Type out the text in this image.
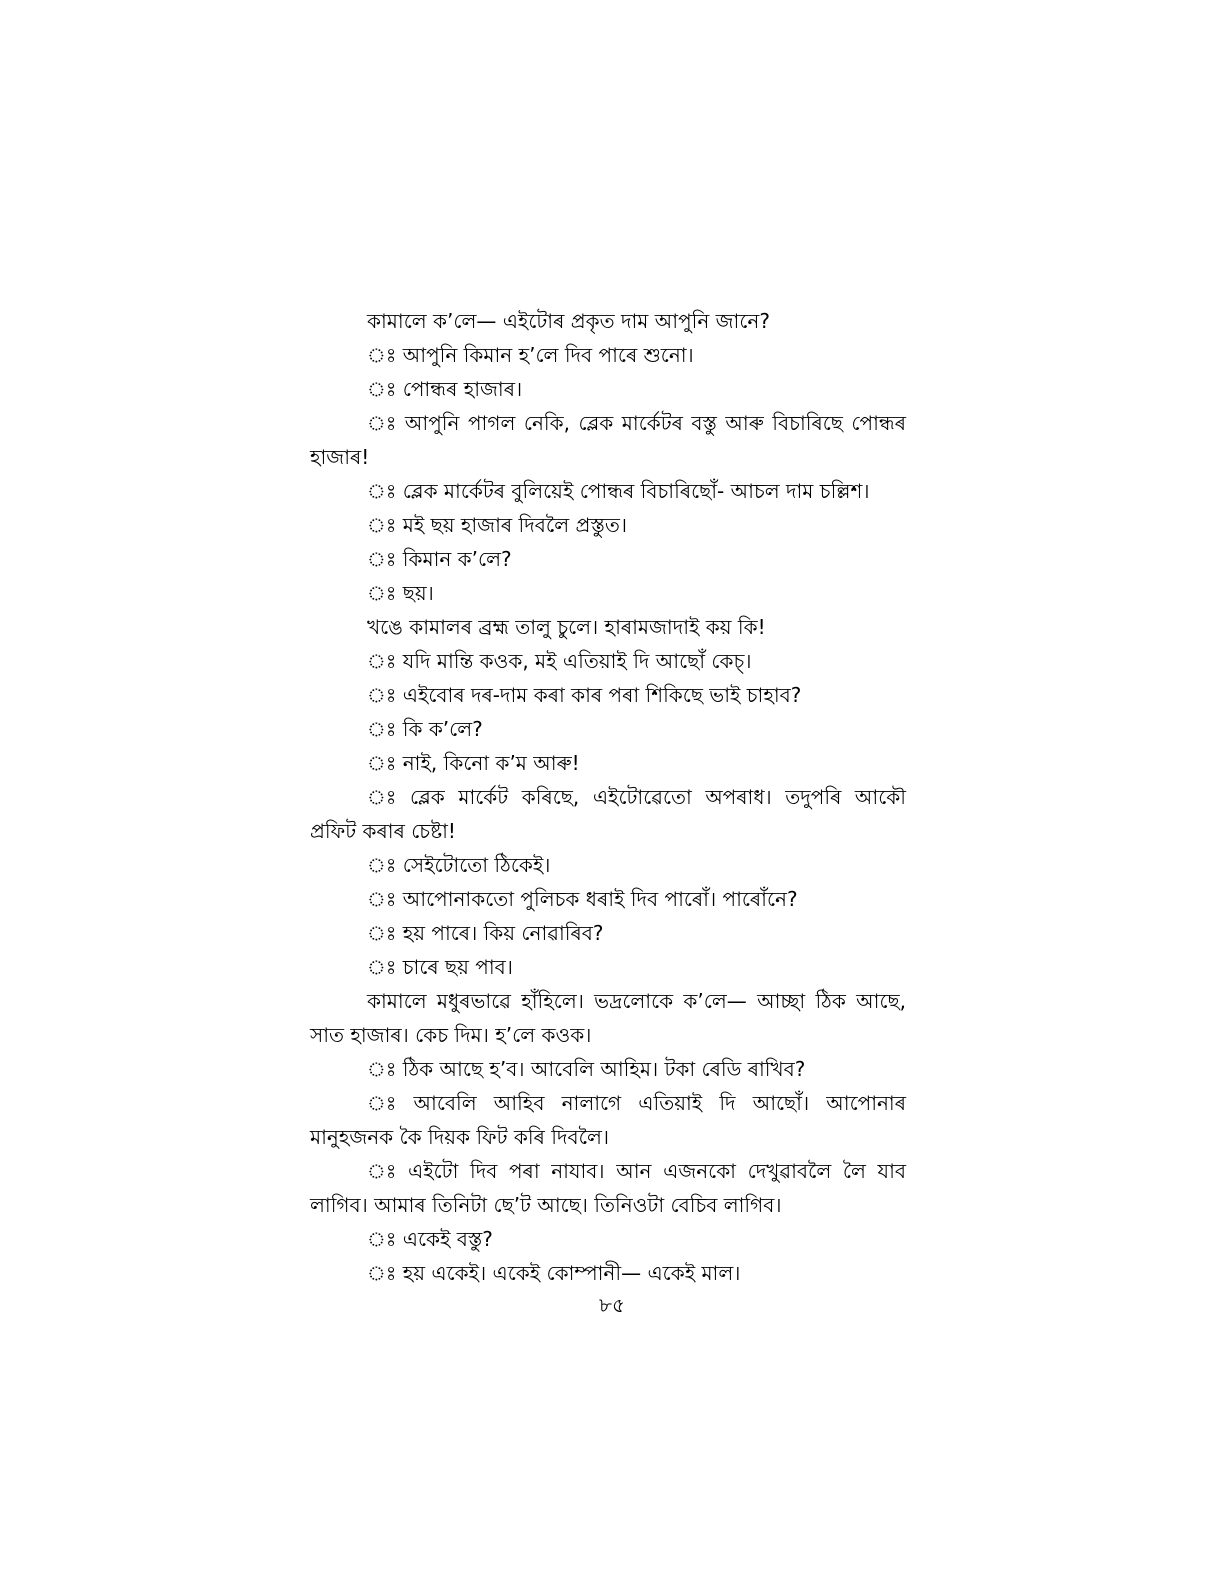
কামালে ক’লে— এইটোৰ প্ৰকৃত দাম আপুনি জানে?

ঃ আপুনি কিমান হ’লে দিব পাৰে শুনো।

ঃ পোন্ধৰ হাজাৰ।

ঃ আপুনি পাগল নেকি, ব্লেক মাৰ্কেটৰ বস্তু আৰু বিচাৰিছে পোন্ধৰ হাজাৰ!

ঃ ব্লেক মাৰ্কেটৰ বুলিয়েই পোন্ধৰ বিচাৰিছোঁ- আচল দাম চল্লিশ।

ঃ মই ছয় হাজাৰ দিবলৈ প্ৰস্তুত।

ঃ কিমান ক’লে?

ঃ ছয়।

খঙে কামালৰ ব্ৰহ্ম তালু চুলে। হাৰামজাদাই কয় কি!

ঃ যদি মান্তি কওক, মই এতিয়াই দি আছোঁ কেচ্।

ঃ এইবোৰ দৰ-দাম কৰা কাৰ পৰা শিকিছে ভাই চাহাব?

ঃ কি ক’লে?

ঃ নাই, কিনো ক’ম আৰু!

ঃ ব্লেক মাৰ্কেট কৰিছে, এইটোৱেতো অপৰাধ। তদুপৰি আকৌ প্ৰফিট কৰাৰ চেষ্টা!

ঃ সেইটোতো ঠিকেই।

ঃ আপোনাকতো পুলিচক ধৰাই দিব পাৰোঁ। পাৰোঁনে?

ঃ হয় পাৰে। কিয় নোৱাৰিব?

ঃ চাৰে ছয় পাব।

কামালে মধুৰভাৱে হাঁহিলে। ভদ্ৰলোকে ক’লে— আচ্ছা ঠিক আছে, সাত হাজাৰ। কেচ দিম। হ’লে কওক।

ঃ ঠিক আছে হ’ব। আবেলি আহিম। টকা ৰেডি ৰাখিব?

ঃ আবেলি আহিব নালাগে এতিয়াই দি আছোঁ। আপোনাৰ মানুহজনক কৈ দিয়ক ফিট কৰি দিবলৈ।

ঃ এইটো দিব পৰা নাযাব। আন এজনকো দেখুৱাবলৈ লৈ যাব লাগিব। আমাৰ তিনিটা ছে’ট আছে। তিনিওটা বেচিব লাগিব।

ঃ একেই বস্তু?

ঃ হয় একেই। একেই কোম্পানী— একেই মাল।

৮৫
